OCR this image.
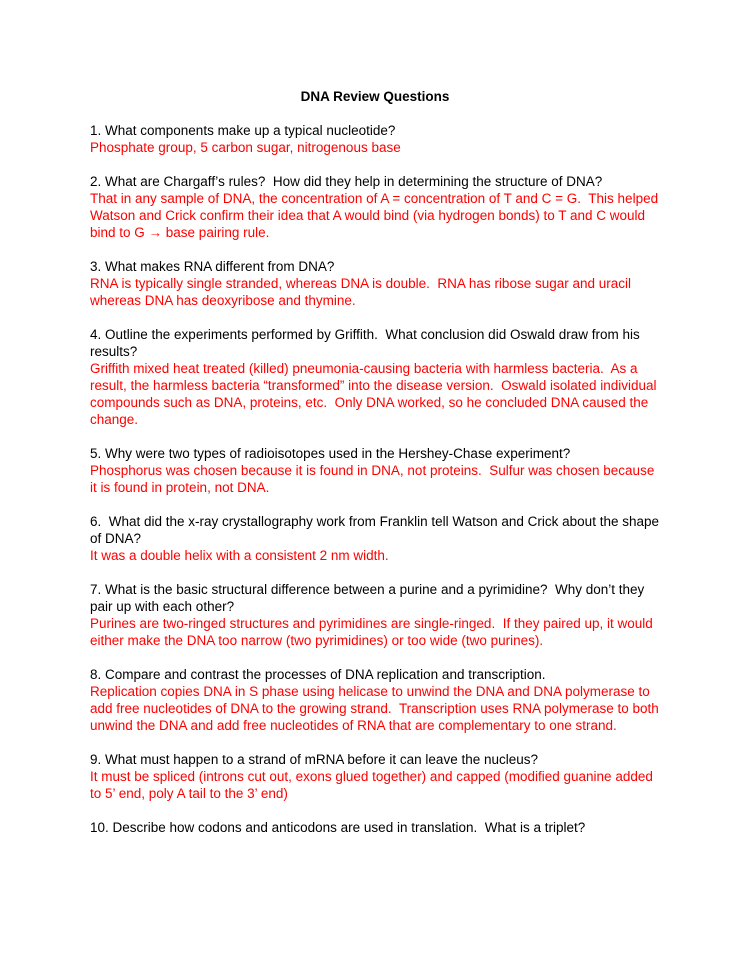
DNA Review Questions
1. What components make up a typical nucleotide?
Phosphate group, 5 carbon sugar, nitrogenous base
2. What are Chargaff’s rules?  How did they help in determining the structure of DNA?
That in any sample of DNA, the concentration of A = concentration of T and C = G.  This helped Watson and Crick confirm their idea that A would bind (via hydrogen bonds) to T and C would bind to G → base pairing rule.
3. What makes RNA different from DNA?
RNA is typically single stranded, whereas DNA is double.  RNA has ribose sugar and uracil whereas DNA has deoxyribose and thymine.
4. Outline the experiments performed by Griffith.  What conclusion did Oswald draw from his results?
Griffith mixed heat treated (killed) pneumonia-causing bacteria with harmless bacteria.  As a result, the harmless bacteria “transformed” into the disease version.  Oswald isolated individual compounds such as DNA, proteins, etc.  Only DNA worked, so he concluded DNA caused the change.
5. Why were two types of radioisotopes used in the Hershey-Chase experiment?
Phosphorus was chosen because it is found in DNA, not proteins.  Sulfur was chosen because it is found in protein, not DNA.
6.  What did the x-ray crystallography work from Franklin tell Watson and Crick about the shape of DNA?
It was a double helix with a consistent 2 nm width.
7. What is the basic structural difference between a purine and a pyrimidine?  Why don’t they pair up with each other?
Purines are two-ringed structures and pyrimidines are single-ringed.  If they paired up, it would either make the DNA too narrow (two pyrimidines) or too wide (two purines).
8. Compare and contrast the processes of DNA replication and transcription.
Replication copies DNA in S phase using helicase to unwind the DNA and DNA polymerase to add free nucleotides of DNA to the growing strand.  Transcription uses RNA polymerase to both unwind the DNA and add free nucleotides of RNA that are complementary to one strand.
9. What must happen to a strand of mRNA before it can leave the nucleus?
It must be spliced (introns cut out, exons glued together) and capped (modified guanine added to 5’ end, poly A tail to the 3’ end)
10. Describe how codons and anticodons are used in translation.  What is a triplet?
